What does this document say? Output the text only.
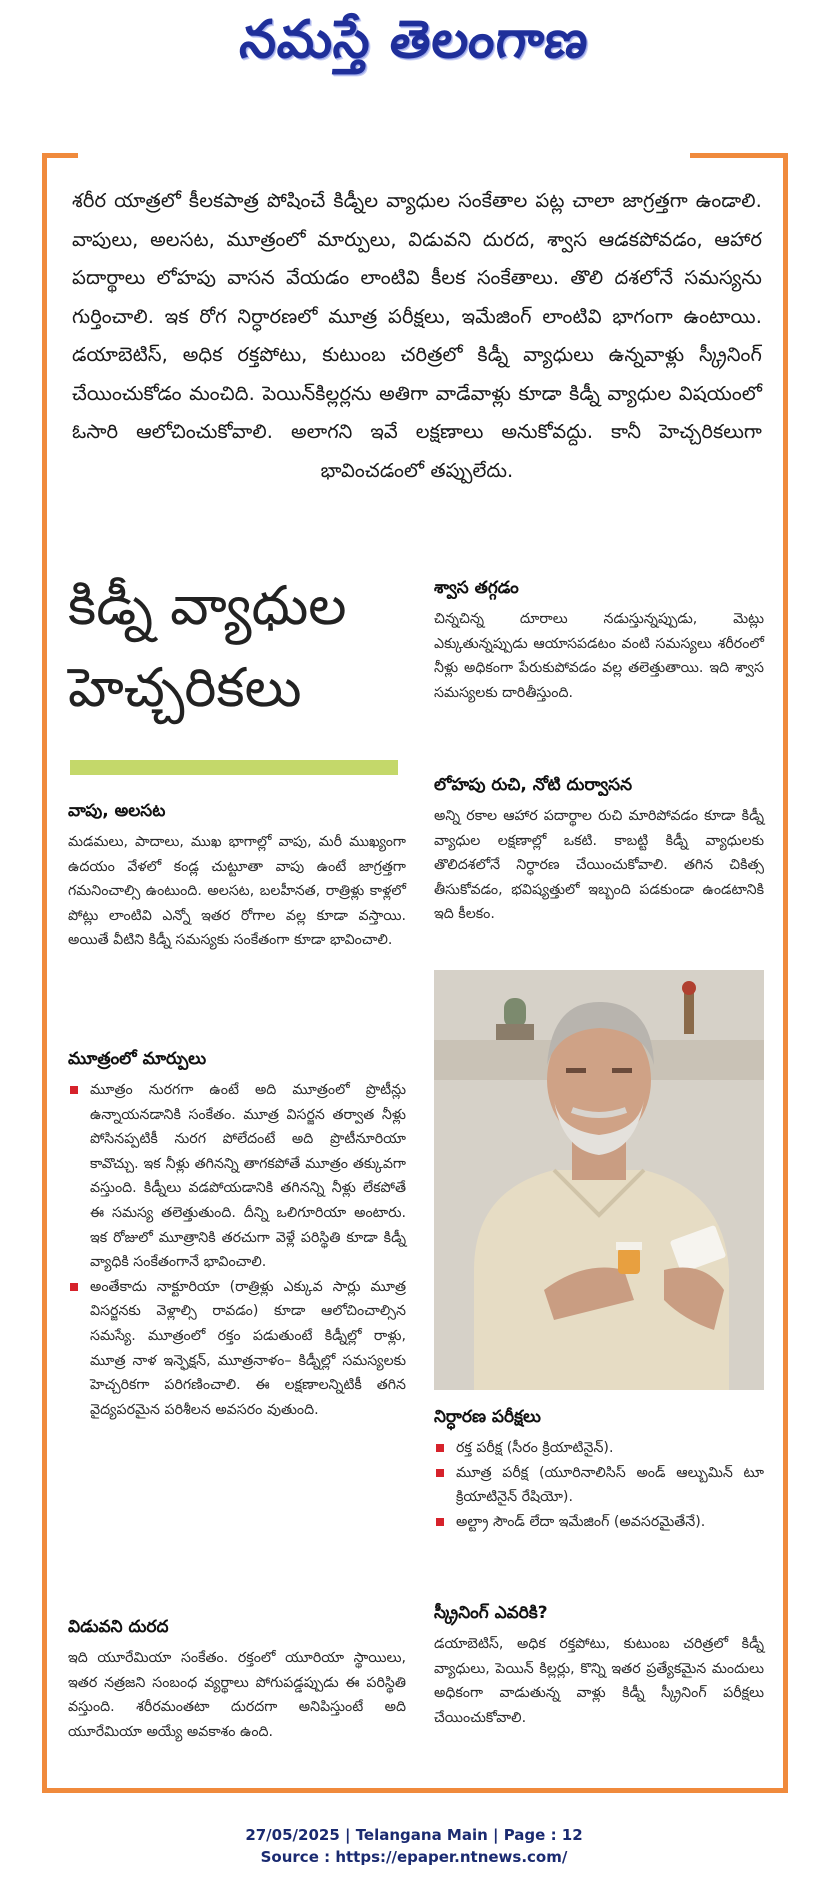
నమస్తే తెలంగాణ

శరీర యాత్రలో కీలకపాత్ర పోషించే కిడ్నీల వ్యాధుల సంకేతాల పట్ల చాలా జాగ్రత్తగా ఉండాలి. వాపులు, అలసట, మూత్రంలో మార్పులు, విడువని దురద, శ్వాస ఆడకపోవడం, ఆహార పదార్థాలు లోహపు వాసన వేయడం లాంటివి కీలక సంకేతాలు. తొలి దశలోనే సమస్యను గుర్తించాలి. ఇక రోగ నిర్ధారణలో మూత్ర పరీక్షలు, ఇమేజింగ్ లాంటివి భాగంగా ఉంటాయి. డయాబెటిస్, అధిక రక్తపోటు, కుటుంబ చరిత్రలో కిడ్నీ వ్యాధులు ఉన్నవాళ్లు స్క్రీనింగ్ చేయించుకోడం మంచిది. పెయిన్‌కిల్లర్లను అతిగా వాడేవాళ్లు కూడా కిడ్నీ వ్యాధుల విషయంలో ఓసారి ఆలోచించుకోవాలి. అలాగని ఇవే లక్షణాలు అనుకోవద్దు. కానీ హెచ్చరికలుగా భావించడంలో తప్పులేదు.

కిడ్నీ వ్యాధుల
హెచ్చరికలు
వాపు, అలసట

మడమలు, పాదాలు, ముఖ భాగాల్లో వాపు, మరీ ముఖ్యంగా ఉదయం వేళలో కండ్ల చుట్టూతా వాపు ఉంటే జాగ్రత్తగా గమనించాల్సి ఉంటుంది. అలసట, బలహీనత, రాత్రిళ్లు కాళ్లలో పోట్లు లాంటివి ఎన్నో ఇతర రోగాల వల్ల కూడా వస్తాయి. అయితే వీటిని కిడ్నీ సమస్యకు సంకేతంగా కూడా భావించాలి.

మూత్రంలో మార్పులు
మూత్రం నురగగా ఉంటే అది మూత్రంలో ప్రొటీన్లు ఉన్నాయనడానికి సంకేతం. మూత్ర విసర్జన తర్వాత నీళ్లు పోసినప్పటికీ నురగ పోలేదంటే అది ప్రొటీనూరియా కావొచ్చు. ఇక నీళ్లు తగినన్ని తాగకపోతే మూత్రం తక్కువగా వస్తుంది. కిడ్నీలు వడపోయడానికి తగినన్ని నీళ్లు లేకపోతే ఈ సమస్య తలెత్తుతుంది. దీన్ని ఒలిగూరియా అంటారు. ఇక రోజులో మూత్రానికి తరచుగా వెళ్లే పరిస్థితి కూడా కిడ్నీ వ్యాధికి సంకేతంగానే భావించాలి.
అంతేకాదు నాక్టూరియా (రాత్రిళ్లు ఎక్కువ సార్లు మూత్ర విసర్జనకు వెళ్లాల్సి రావడం) కూడా ఆలోచించాల్సిన సమస్యే. మూత్రంలో రక్తం పడుతుంటే కిడ్నీల్లో రాళ్లు, మూత్ర నాళ ఇన్ఫెక్షన్, మూత్రనాళం– కిడ్నీల్లో సమస్యలకు హెచ్చరికగా పరిగణించాలి. ఈ లక్షణాలన్నిటికీ తగిన వైద్యపరమైన పరిశీలన అవసరం వుతుంది.
విడువని దురద

ఇది యూరేమియా సంకేతం. రక్తంలో యూరియా స్థాయిలు, ఇతర నత్రజని సంబంధ వ్యర్థాలు పోగుపడ్డప్పుడు ఈ పరిస్థితి వస్తుంది. శరీరమంతటా దురదగా అనిపిస్తుంటే అది యూరేమియా అయ్యే అవకాశం ఉంది.

శ్వాస తగ్గడం

చిన్నచిన్న దూరాలు నడుస్తున్నప్పుడు, మెట్లు ఎక్కుతున్నప్పుడు ఆయాసపడటం వంటి సమస్యలు శరీరంలో నీళ్లు అధికంగా పేరుకుపోవడం వల్ల తలెత్తుతాయి. ఇది శ్వాస సమస్యలకు దారితీస్తుంది.

లోహపు రుచి, నోటి దుర్వాసన

అన్ని రకాల ఆహార పదార్థాల రుచి మారిపోవడం కూడా కిడ్నీ వ్యాధుల లక్షణాల్లో ఒకటి. కాబట్టి కిడ్నీ వ్యాధులకు తొలిదశలోనే నిర్ధారణ చేయించుకోవాలి. తగిన చికిత్స తీసుకోవడం, భవిష్యత్తులో ఇబ్బంది పడకుండా ఉండటానికి ఇది కీలకం.

నిర్ధారణ పరీక్షలు
రక్త పరీక్ష (సీరం క్రియాటినైన్).
మూత్ర పరీక్ష (యూరినాలిసిస్ అండ్ ఆల్బుమిన్ టూ క్రియాటినైన్ రేషియో).
అల్ట్రా సౌండ్ లేదా ఇమేజింగ్ (అవసరమైతేనే).
స్క్రీనింగ్ ఎవరికి?

డయాబెటిస్, అధిక రక్తపోటు, కుటుంబ చరిత్రలో కిడ్నీ వ్యాధులు, పెయిన్ కిల్లర్లు, కొన్ని ఇతర ప్రత్యేకమైన మందులు అధికంగా వాడుతున్న వాళ్లు కిడ్నీ స్క్రీనింగ్ పరీక్షలు చేయించుకోవాలి.

27/05/2025 | Telangana Main | Page : 12
Source : https://epaper.ntnews.com/
